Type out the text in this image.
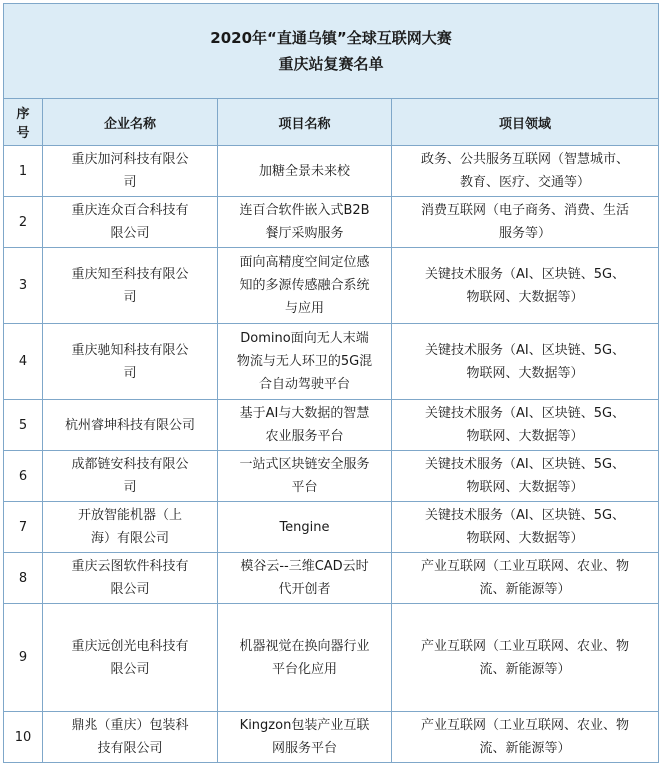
2020年“直通乌镇”全球互联网大赛
重庆站复赛名单			

序
号	企业名称	项目名称	项目领域
1	重庆加河科技有限公
司	加糖全景未来校	政务、公共服务互联网（智慧城市、
教育、医疗、交通等）

2	重庆连众百合科技有
限公司	连百合软件嵌入式B2B
餐厅采购服务	消费互联网（电子商务、消费、生活
服务等）

3	重庆知至科技有限公
司	面向高精度空间定位感
知的多源传感融合系统
与应用	关键技术服务（AI、区块链、5G、
物联网、大数据等）

4	重庆驰知科技有限公
司	Domino面向无人末端
物流与无人环卫的5G混
合自动驾驶平台	关键技术服务（AI、区块链、5G、
物联网、大数据等）

5	杭州睿坤科技有限公司	基于AI与大数据的智慧
农业服务平台	关键技术服务（AI、区块链、5G、
物联网、大数据等）

6	成都链安科技有限公
司	一站式区块链安全服务
平台	关键技术服务（AI、区块链、5G、
物联网、大数据等）

7	开放智能机器（上
海）有限公司	Tengine	关键技术服务（AI、区块链、5G、
物联网、大数据等）

8	重庆云图软件科技有
限公司	模谷云--三维CAD云时
代开创者	产业互联网（工业互联网、农业、物
流、新能源等）

9	重庆远创光电科技有
限公司	机器视觉在换向器行业
平台化应用	产业互联网（工业互联网、农业、物
流、新能源等）

10	鼎兆（重庆）包装科
技有限公司	Kingzon包装产业互联
网服务平台	产业互联网（工业互联网、农业、物
流、新能源等）
